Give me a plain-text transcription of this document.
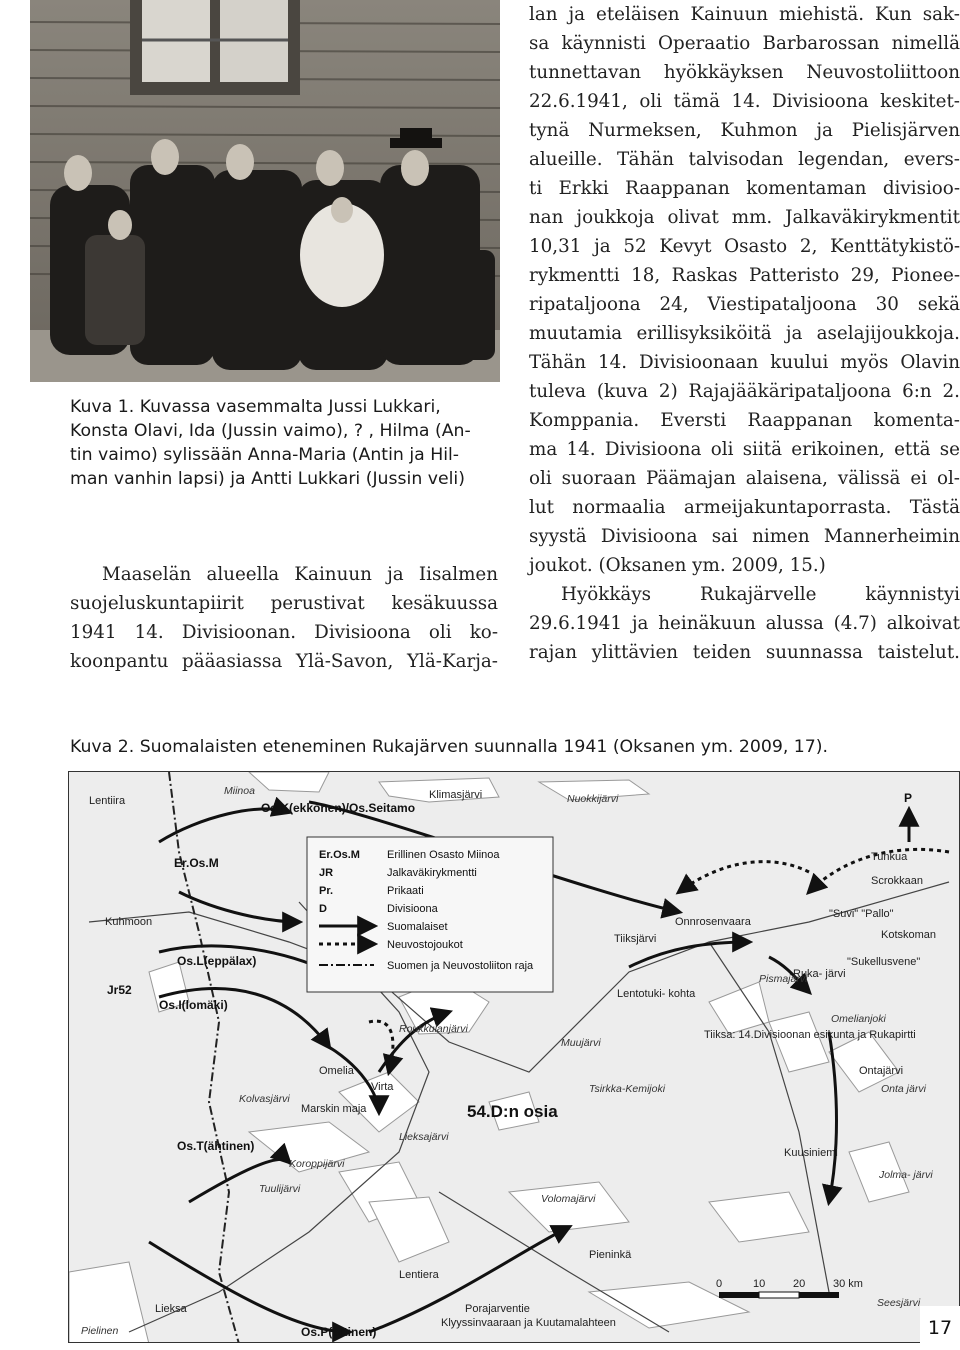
Kuva 1. Kuvassa vasemmalta Jussi Lukkari,
Konsta Olavi, Ida (Jussin vaimo), ? , Hilma (An-
tin vaimo) sylissään Anna-Maria (Antin ja Hil-
man vanhin lapsi) ja Antti Lukkari (Jussin veli)
Maaselän alueella Kainuun ja Iisalmen
suojeluskuntapiirit perustivat kesäkuussa
1941 14. Divisioonan. Divisioona oli ko-
koonpantu pääasiassa Ylä-Savon, Ylä-Karja-
lan ja eteläisen Kainuun miehistä. Kun sak-
sa käynnisti Operaatio Barbarossan nimellä
tunnettavan hyökkäyksen Neuvostoliittoon
22.6.1941, oli tämä 14. Divisioona keskitet-
tynä Nurmeksen, Kuhmon ja Pielisjärven
alueille. Tähän talvisodan legendan, evers-
ti Erkki Raappanan komentaman divisioo-
nan joukkoja olivat mm. Jalkaväkirykmentit
10,31 ja 52 Kevyt Osasto 2, Kenttätykistö-
rykmentti 18, Raskas Patteristo 29, Pionee-
ripataljoona 24, Viestipataljoona 30 sekä
muutamia erillisyksiköitä ja aselajijoukkoja.
Tähän 14. Divisioonaan kuului myös Olavin
tuleva (kuva 2) Rajajääkäripataljoona 6:n 2.
Komppania. Eversti Raappanan komenta-
ma 14. Divisioona oli siitä erikoinen, että se
oli suoraan Päämajan alaisena, välissä ei ol-
lut normaalia armeijakuntaporrasta. Tästä
syystä Divisioona sai nimen Mannerheimin
joukot. (Oksanen ym. 2009, 15.)
Hyökkäys Rukajärvelle käynnistyi
29.6.1941 ja heinäkuun alussa (4.7) alkoivat
rajan ylittävien teiden suunnassa taistelut.
Kuva 2. Suomalaisten eteneminen Rukajärven suunnalla 1941 (Oksanen ym. 2009, 17).
Er.Os.M Erillinen Osasto Miinoa
JR	Jalkaväkirykmentti
Pr.	Prikaati
D	Divisioona
Suomalaiset
Neuvostojoukot
Suomen ja Neuvostoliiton raja
P
Os.K(ekkonen)/Os.Seitamo
Er.Os.M
Os.L(eppälax)
Jr52
Os.I(lomäki)
Os.T(ähtinen)
Os.P(artinen)
54.D:n osia
Lentiira
Miinoa	Klimasjärvi	Nuokkijärvi
Kuhmoon
Tunkua
Scrokkaan
"Suvi" "Pallo"
Kotskoman
Onnrosenvaara
Tiiksjärvi
"Sukellusvene"
Lentotuki- kohta
Pismajärvi
Ruka- järvi
Roukkulanjärvi
Muujärvi
Tiiksa: 14.Divisioonan esikunta ja Rukapirtti
Omelia
Virta
Ontajärvi
Onta järvi
Tsirkka-Kemijoki
Kolvasjärvi
Marskin maja
Lieksajärvi
Koroppijärvi
Kuusiniemi
Jolma- järvi
Tuulijärvi
Volomajärvi
Pieninkä
Lentiera
Lieksa	Porajarventie
Klyyssinvaaraan ja Kuutamalahteen
Seesjärvi
Pielinen
Omelianjoki
0	10	20	30 km
17
